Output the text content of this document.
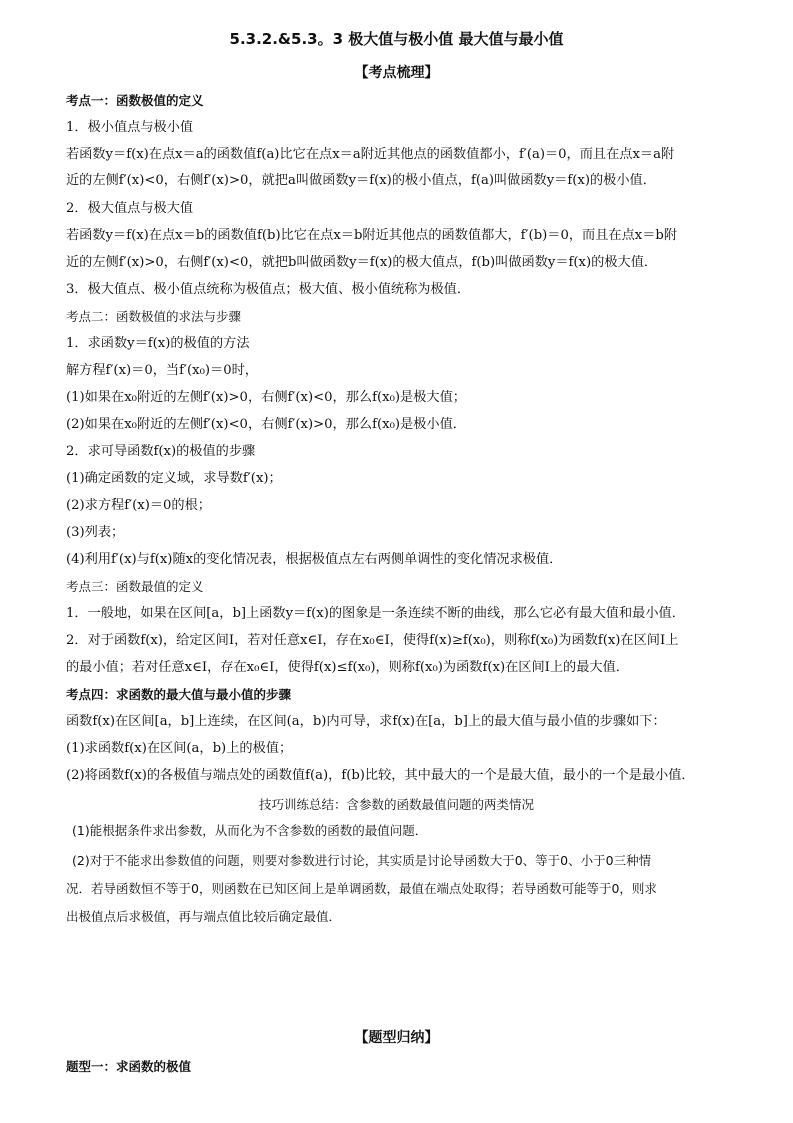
5.3.2.&5.3。3 极大值与极小值 最大值与最小值
【考点梳理】
考点一：函数极值的定义
1．极小值点与极小值
若函数y＝f(x)在点x＝a的函数值f(a)比它在点x＝a附近其他点的函数值都小，f′(a)＝0，而且在点x＝a附
近的左侧f′(x)<0，右侧f′(x)>0，就把a叫做函数y＝f(x)的极小值点，f(a)叫做函数y＝f(x)的极小值．
2．极大值点与极大值
若函数y＝f(x)在点x＝b的函数值f(b)比它在点x＝b附近其他点的函数值都大，f′(b)＝0，而且在点x＝b附
近的左侧f′(x)>0，右侧f′(x)<0，就把b叫做函数y＝f(x)的极大值点，f(b)叫做函数y＝f(x)的极大值．
3．极大值点、极小值点统称为极值点；极大值、极小值统称为极值．
考点二：函数极值的求法与步骤
1．求函数y＝f(x)的极值的方法
解方程f′(x)＝0，当f′(x₀)＝0时，
(1)如果在x₀附近的左侧f′(x)>0，右侧f′(x)<0，那么f(x₀)是极大值；
(2)如果在x₀附近的左侧f′(x)<0，右侧f′(x)>0，那么f(x₀)是极小值．
2．求可导函数f(x)的极值的步骤
(1)确定函数的定义域，求导数f′(x)；
(2)求方程f′(x)＝0的根；
(3)列表；
(4)利用f′(x)与f(x)随x的变化情况表，根据极值点左右两侧单调性的变化情况求极值．
考点三：函数最值的定义
1．一般地，如果在区间[a，b]上函数y＝f(x)的图象是一条连续不断的曲线，那么它必有最大值和最小值．
2．对于函数f(x)，给定区间I，若对任意x∈I，存在x₀∈I，使得f(x)≥f(x₀)，则称f(x₀)为函数f(x)在区间I上
的最小值；若对任意x∈I，存在x₀∈I，使得f(x)≤f(x₀)，则称f(x₀)为函数f(x)在区间I上的最大值．
考点四：求函数的最大值与最小值的步骤
函数f(x)在区间[a，b]上连续，在区间(a，b)内可导，求f(x)在[a，b]上的最大值与最小值的步骤如下：
(1)求函数f(x)在区间(a，b)上的极值；
(2)将函数f(x)的各极值与端点处的函数值f(a)，f(b)比较，其中最大的一个是最大值，最小的一个是最小值．
技巧训练总结：含参数的函数最值问题的两类情况
(1)能根据条件求出参数，从而化为不含参数的函数的最值问题．
(2)对于不能求出参数值的问题，则要对参数进行讨论，其实质是讨论导函数大于0、等于0、小于0三种情
况．若导函数恒不等于0，则函数在已知区间上是单调函数，最值在端点处取得；若导函数可能等于0，则求
出极值点后求极值，再与端点值比较后确定最值．
【题型归纳】
题型一：求函数的极值
